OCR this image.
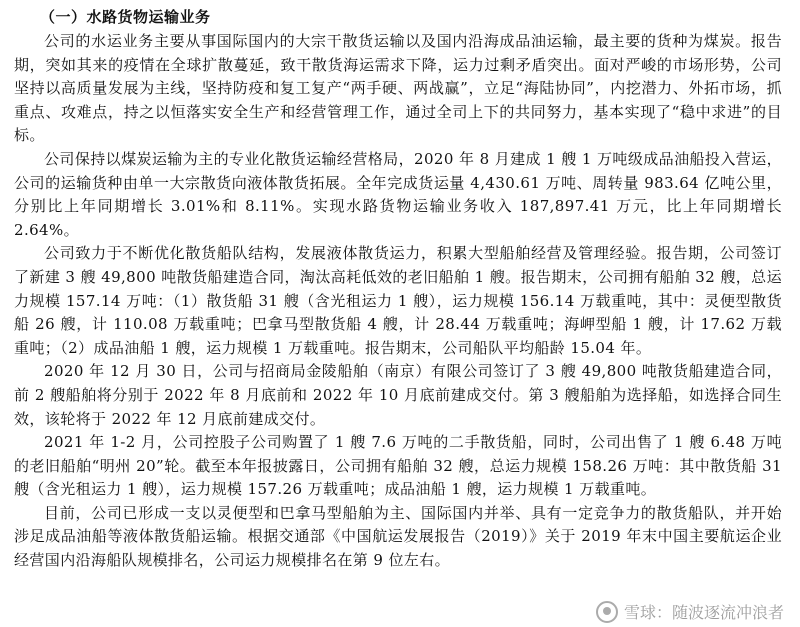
（一）水路货物运输业务

公司的水运业务主要从事国际国内的大宗干散货运输以及国内沿海成品油运输，最主要的货种为煤炭。报告期，突如其来的疫情在全球扩散蔓延，致干散货海运需求下降，运力过剩矛盾突出。面对严峻的市场形势，公司坚持以高质量发展为主线，坚持防疫和复工复产“两手硬、两战赢”，立足“海陆协同”，内挖潜力、外拓市场，抓重点、攻难点，持之以恒落实安全生产和经营管理工作，通过全司上下的共同努力，基本实现了“稳中求进”的目标。

公司保持以煤炭运输为主的专业化散货运输经营格局，2020 年 8 月建成 1 艘 1 万吨级成品油船投入营运，公司的运输货种由单一大宗散货向液体散货拓展。全年完成货运量 4,430.61 万吨、周转量 983.64 亿吨公里，分别比上年同期增长 3.01%和 8.11%。实现水路货物运输业务收入 187,897.41 万元，比上年同期增长 2.64%。

公司致力于不断优化散货船队结构，发展液体散货运力，积累大型船舶经营及管理经验。报告期，公司签订了新建 3 艘 49,800 吨散货船建造合同，淘汰高耗低效的老旧船舶 1 艘。报告期末，公司拥有船舶 32 艘，总运力规模 157.14 万吨：（1）散货船 31 艘（含光租运力 1 艘），运力规模 156.14 万载重吨，其中：灵便型散货船 26 艘，计 110.08 万载重吨；巴拿马型散货船 4 艘，计 28.44 万载重吨；海岬型船 1 艘，计 17.62 万载重吨；（2）成品油船 1 艘，运力规模 1 万载重吨。报告期末，公司船队平均船龄 15.04 年。

2020 年 12 月 30 日，公司与招商局金陵船舶（南京）有限公司签订了 3 艘 49,800 吨散货船建造合同，前 2 艘船舶将分别于 2022 年 8 月底前和 2022 年 10 月底前建成交付。第 3 艘船舶为选择船，如选择合同生效，该轮将于 2022 年 12 月底前建成交付。

2021 年 1-2 月，公司控股子公司购置了 1 艘 7.6 万吨的二手散货船，同时，公司出售了 1 艘 6.48 万吨的老旧船舶“明州 20”轮。截至本年报披露日，公司拥有船舶 32 艘，总运力规模 158.26 万吨：其中散货船 31 艘（含光租运力 1 艘），运力规模 157.26 万载重吨；成品油船 1 艘，运力规模 1 万载重吨。

目前，公司已形成一支以灵便型和巴拿马型船舶为主、国际国内并举、具有一定竞争力的散货船队，并开始涉足成品油船等液体散货船运输。根据交通部《中国航运发展报告（2019）》关于 2019 年末中国主要航运企业经营国内沿海船队规模排名，公司运力规模排名在第 9 位左右。

雪球：随波逐流冲浪者
